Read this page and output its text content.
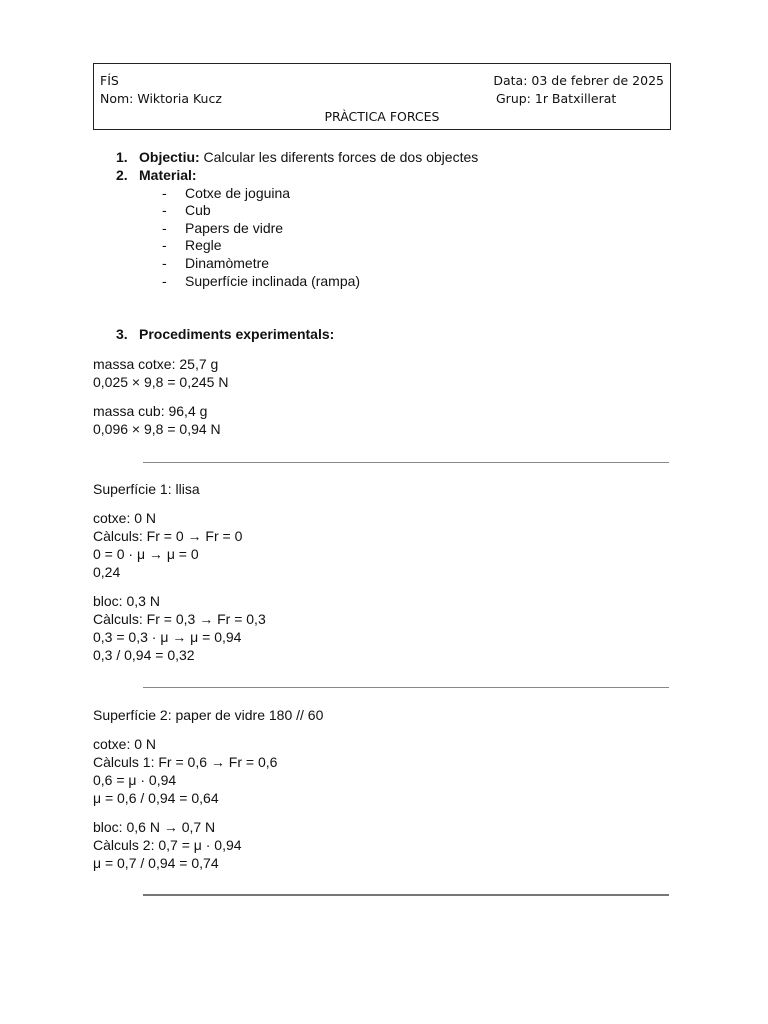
FÍS	Data: 03 de febrer de 2025
Nom: Wiktoria Kucz	Grup: 1r Batxillerat
PRÀCTICA FORCES
1. Objectiu: Calcular les diferents forces de dos objectes
2. Material:
- Cotxe de joguina
- Cub
- Papers de vidre
- Regle
- Dinamòmetre
- Superfície inclinada (rampa)
3. Procediments experimentals:
massa cotxe: 25,7 g
0,025 × 9,8 = 0,245 N
massa cub: 96,4 g
0,096 × 9,8 = 0,94 N
Superfície 1: llisa
cotxe: 0 N
Càlculs: Fr = 0 → Fr = 0
0 = 0 · μ → μ = 0
0,24
bloc: 0,3 N
Càlculs: Fr = 0,3 → Fr = 0,3
0,3 = 0,3 · μ → μ = 0,94
0,3 / 0,94 = 0,32
Superfície 2: paper de vidre 180 // 60
cotxe: 0 N
Càlculs 1: Fr = 0,6 → Fr = 0,6
0,6 = μ · 0,94
μ = 0,6 / 0,94 = 0,64
bloc: 0,6 N → 0,7 N
Càlculs 2: 0,7 = μ · 0,94
μ = 0,7 / 0,94 = 0,74
